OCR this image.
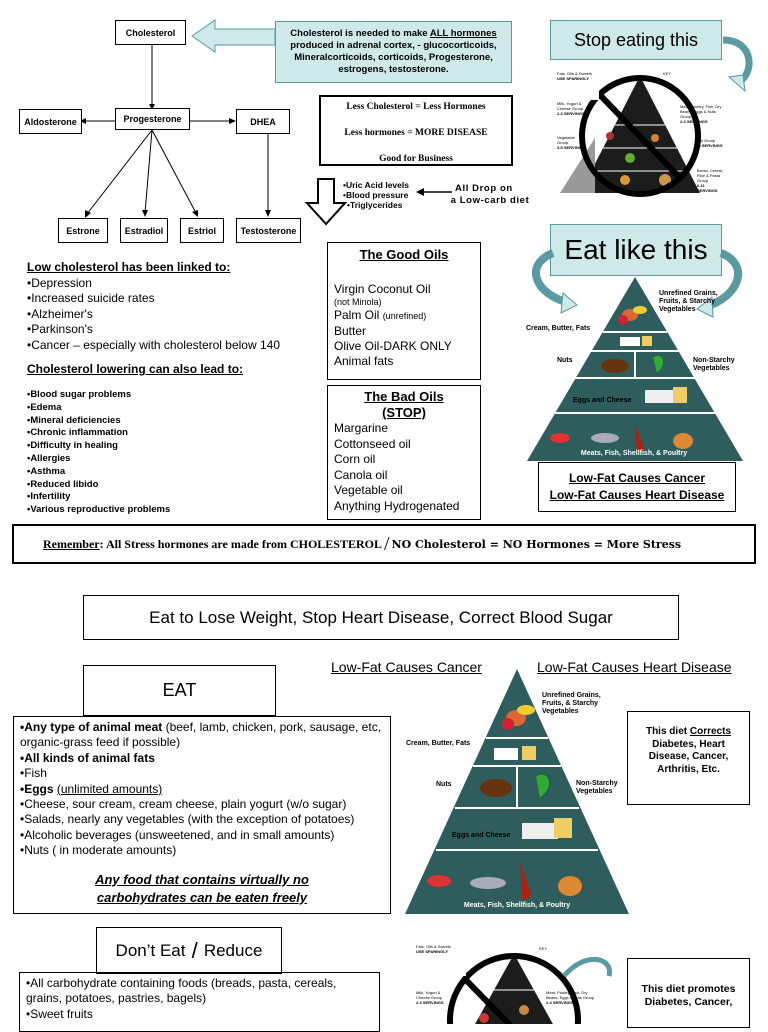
Cholesterol
Progesterone
Aldosterone	DHEA
Estrone	Estradiol	Estriol	Testosterone
Cholesterol is needed to make ALL hormones
produced in adrenal cortex, - glucocorticoids, Mineralcorticoids, corticoids, Progesterone, estrogens, testosterone.
Less Cholesterol = Less Hormones
Less hormones = MORE DISEASE
Good for Business
•Uric Acid levels
•Blood pressure
•Triglycerides
All Drop on
a Low-carb diet
Stop eating this
Fats, Oils & Sweets
USE SPARINGLY
Milk, Yogurt & Cheese Group
2-3 SERVINGS
Vegetable Group
3-5 SERVINGS
KEY
Meat, Poultry, Fish, Dry Beans, Eggs & Nuts Group
2-3 SERVINGS
Fruit Group
2-4 SERVINGS
Bread, Cereal, Rice & Pasta Group
6-11 SERVINGS
Eat like this
Unrefined Grains, Fruits, & Starchy Vegetables
Cream, Butter, Fats
Nuts	Non-Starchy Vegetables
Eggs and Cheese
Meats, Fish, Shellfish, & Poultry
Low-Fat Causes Cancer
Low-Fat Causes Heart Disease
Low cholesterol has been linked to:
•Depression
•Increased suicide rates
•Alzheimer's
•Parkinson's
•Cancer – especially with cholesterol below 140
Cholesterol lowering can also lead to:
•Blood sugar problems
•Edema
•Mineral deficiencies
•Chronic inflammation
•Difficulty in healing
•Allergies
•Asthma
•Reduced libido
•Infertility
•Various reproductive problems
The Good Oils
Virgin Coconut Oil
(not Minola)
Palm Oil (unrefined)
Butter
Olive Oil-DARK ONLY
Animal fats
The Bad Oils
(STOP)
Margarine
Cottonseed oil
Corn oil
Canola oil
Vegetable oil
Anything Hydrogenated
Remember : All Stress hormones are made from CHOLESTEROL / NO Cholesterol = NO Hormones = More Stress
Eat to Lose Weight, Stop Heart Disease, Correct Blood Sugar
Low-Fat Causes Cancer	Low-Fat Causes Heart Disease
EAT
•Any type of animal meat (beef, lamb, chicken, pork, sausage, etc, organic-grass feed if possible)
•All kinds of animal fats
•Fish
•Eggs (unlimited amounts)
•Cheese, sour cream, cream cheese, plain yogurt (w/o sugar)
•Salads, nearly any vegetables (with the exception of potatoes)
•Alcoholic beverages (unsweetened, and in small amounts)
•Nuts ( in moderate amounts)
Any food that contains virtually no carbohydrates can be eaten freely
Unrefined Grains, Fruits, & Starchy Vegetables
Cream, Butter, Fats
Nuts	Non-Starchy Vegetables
Eggs and Cheese
Meats, Fish, Shellfish, & Poultry
This diet Corrects
Diabetes, Heart Disease, Cancer, Arthritis, Etc.
Don’t Eat / Reduce
•All carbohydrate containing foods (breads, pasta, cereals, grains, potatoes, pastries, bagels)
•Sweet fruits
Fats, Oils & Sweets
USE SPARINGLY
KEY
Milk, Yogurt & Cheese Group
2-3 SERVINGS
Meat, Poultry, Fish, Dry Beans, Eggs & Nuts Group
2-3 SERVINGS
This diet promotes Diabetes, Cancer,
